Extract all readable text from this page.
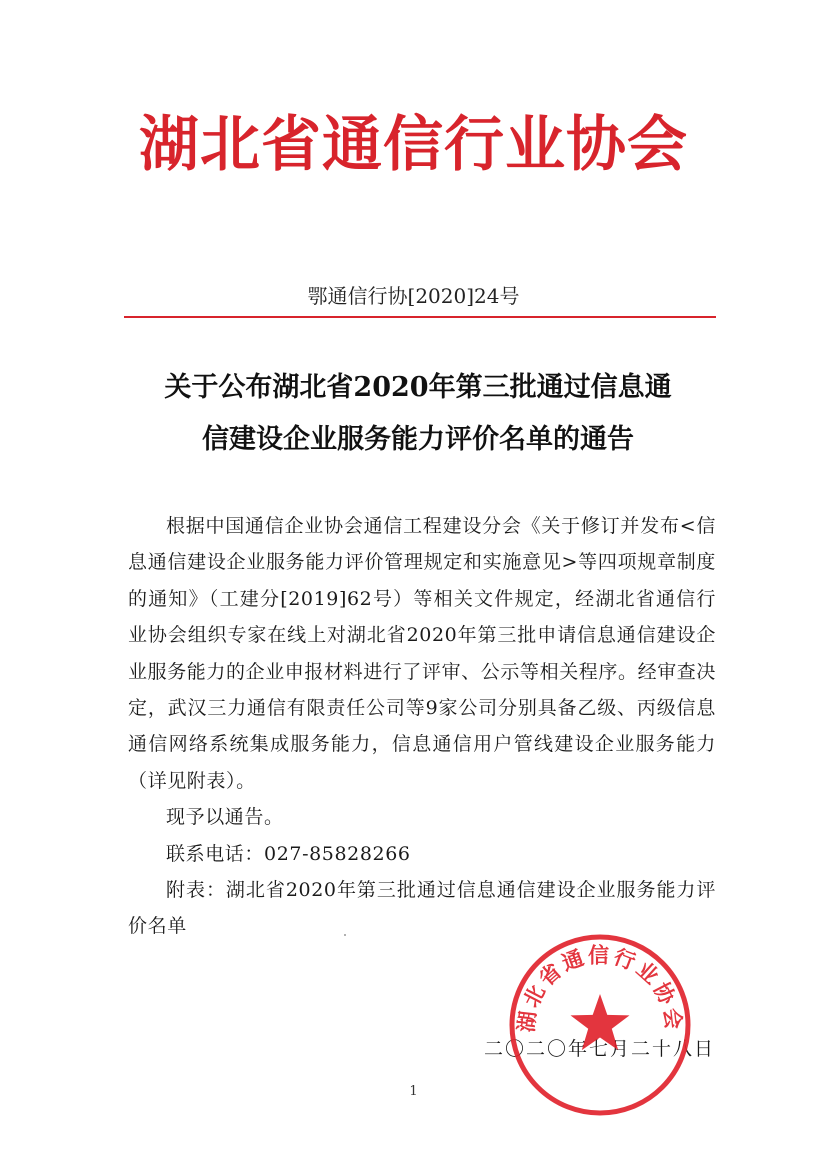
湖北省通信行业协会
鄂通信行协[2020]24号
关于公布湖北省2020年第三批通过信息通
信建设企业服务能力评价名单的通告

根据中国通信企业协会通信工程建设分会《关于修订并发布<信息通信建设企业服务能力评价管理规定和实施意见>等四项规章制度的通知》（工建分[2019]62号）等相关文件规定，经湖北省通信行业协会组织专家在线上对湖北省2020年第三批申请信息通信建设企业服务能力的企业申报材料进行了评审、公示等相关程序。经审查决定，武汉三力通信有限责任公司等9家公司分别具备乙级、丙级信息通信网络系统集成服务能力，信息通信用户管线建设企业服务能力（详见附表）。

现予以通告。

联系电话：027-85828266

附表：湖北省2020年第三批通过信息通信建设企业服务能力评价名单

二〇二〇年七月二十八日
湖北省通信行业协会
1
